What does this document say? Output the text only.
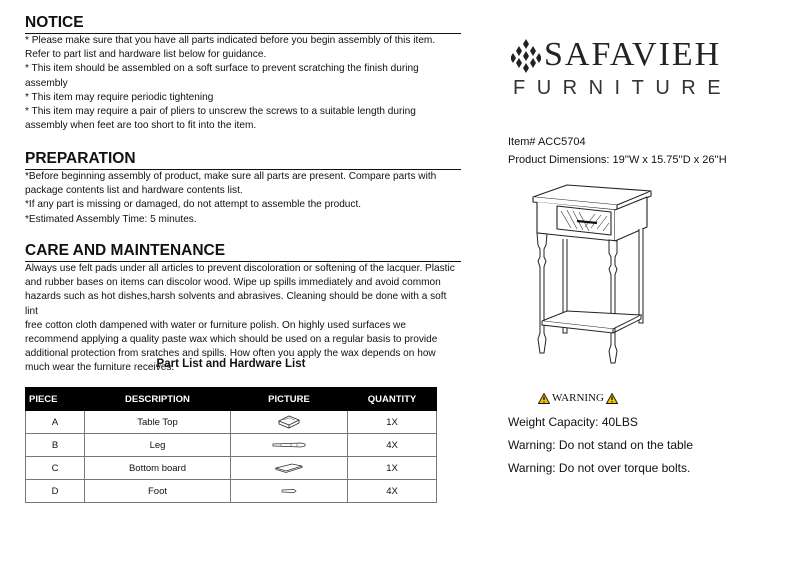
NOTICE

* Please make sure that you have all parts indicated before you begin assembly of this item.

Refer to part list and hardware list below for guidance.

* This item should be assembled on a soft surface to prevent scratching the finish during

assembly

* This item may require periodic tightening

* This item may require a pair of pliers to unscrew the screws to a suitable length during

assembly when feet are too short to fit into the item.

PREPARATION

*Before beginning assembly of product, make sure all parts are present. Compare parts with

package contents list and hardware contents list.

*If any part is missing or damaged, do not attempt to assemble the product.

*Estimated Assembly Time: 5 minutes.

CARE AND MAINTENANCE

Always use felt pads under all articles to prevent discoloration or softening of the lacquer. Plastic

and rubber bases on items can discolor wood. Wipe up spills immediately and avoid common

hazards such as hot dishes,harsh solvents and abrasives. Cleaning should be done with a soft lint

free cotton cloth dampened with water or furniture polish. On highly used surfaces we

recommend applying a quality paste wax which should be used on a regular basis to provide

additional protection from sratches and spills. How often you apply the wax depends on how

much wear the furniture receives.

Part List and Hardware List
PIECE	DESCRIPTION	PICTURE	QUANTITY
A	Table Top		1X
B	Leg		4X
C	Bottom board		1X
D	Foot		4X
SAFAVIEH
FURNITURE
Item# ACC5704
Product Dimensions: 19''W x 15.75''D x 26''H
WARNING
Weight Capacity: 40LBS
Warning: Do not stand on the table
Warning: Do not over torque bolts.
